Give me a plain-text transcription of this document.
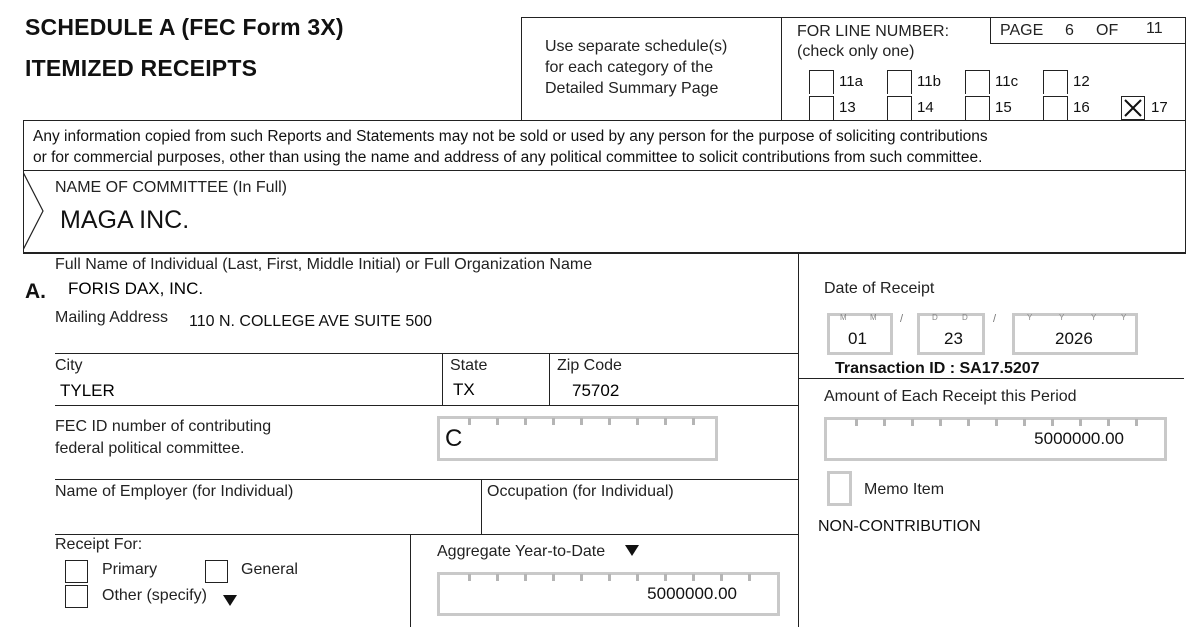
SCHEDULE A (FEC Form 3X)
ITEMIZED RECEIPTS
Use separate schedule(s)
for each category of the
Detailed Summary Page
FOR LINE NUMBER:
(check only one)
PAGE 6 OF 11
11a	11b	11c	12
13	14	15	16	17
Any information copied from such Reports and Statements may not be sold or used by any person for the purpose of soliciting contributions
or for commercial purposes, other than using the name and address of any political committee to solicit contributions from such committee.
NAME OF COMMITTEE (In Full)
MAGA INC.
A.
Full Name of Individual (Last, First, Middle Initial) or Full Organization Name
FORIS DAX, INC.
Mailing Address 110 N. COLLEGE AVE SUITE 500
City
TYLER
State
TX
Zip Code
75702
FEC ID number of contributing
federal political committee.	C
Name of Employer (for Individual)	Occupation (for Individual)
Receipt For:
Primary	General
Other (specify)
Aggregate Year-to-Date
5000000.00
Date of Receipt
M	M
01
/	D	D
23
/	Y	Y	Y	Y
2026
Transaction ID : SA17.5207
Amount of Each Receipt this Period
5000000.00
Memo Item
NON-CONTRIBUTION
